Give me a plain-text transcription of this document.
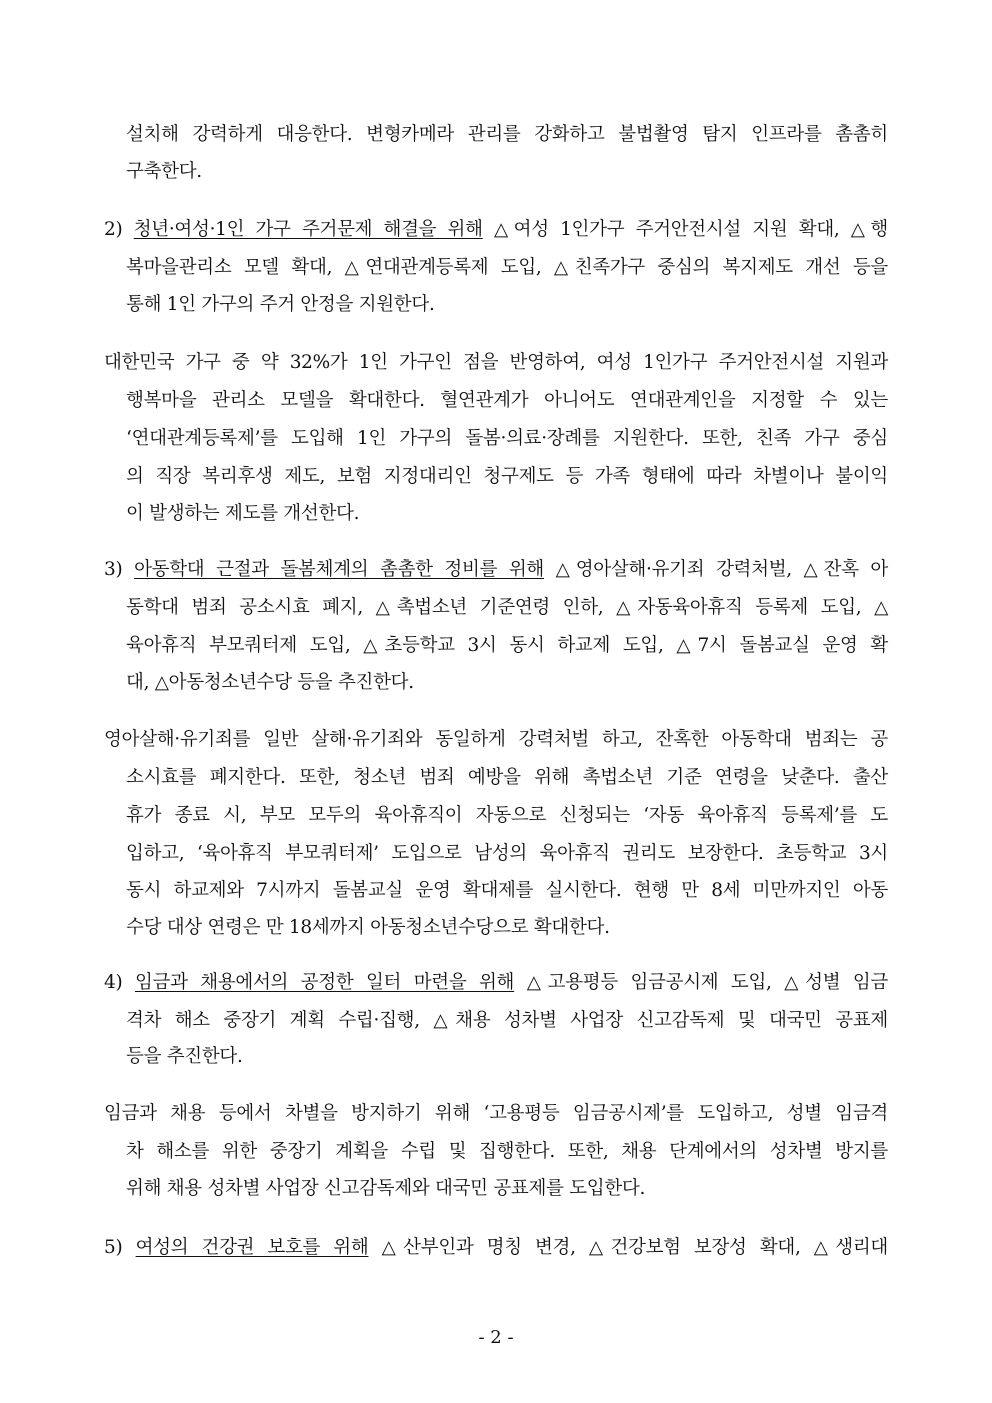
설치해 강력하게 대응한다. 변형카메라 관리를 강화하고 불법촬영 탐지 인프라를 촘촘히
구축한다.
2) 청년·여성·1인 가구 주거문제 해결을 위해 △여성 1인가구 주거안전시설 지원 확대, △행
복마을관리소 모델 확대, △연대관계등록제 도입, △친족가구 중심의 복지제도 개선 등을
통해 1인 가구의 주거 안정을 지원한다.
대한민국 가구 중 약 32%가 1인 가구인 점을 반영하여, 여성 1인가구 주거안전시설 지원과
행복마을 관리소 모델을 확대한다. 혈연관계가 아니어도 연대관계인을 지정할 수 있는
‘연대관계등록제’를 도입해 1인 가구의 돌봄·의료·장례를 지원한다. 또한, 친족 가구 중심
의 직장 복리후생 제도, 보험 지정대리인 청구제도 등 가족 형태에 따라 차별이나 불이익
이 발생하는 제도를 개선한다.
3) 아동학대 근절과 돌봄체계의 촘촘한 정비를 위해 △영아살해·유기죄 강력처벌, △잔혹 아
동학대 범죄 공소시효 폐지, △촉법소년 기준연령 인하, △자동육아휴직 등록제 도입, △
육아휴직 부모쿼터제 도입, △초등학교 3시 동시 하교제 도입, △7시 돌봄교실 운영 확
대, △아동청소년수당 등을 추진한다.
영아살해·유기죄를 일반 살해·유기죄와 동일하게 강력처벌 하고, 잔혹한 아동학대 범죄는 공
소시효를 폐지한다. 또한, 청소년 범죄 예방을 위해 촉법소년 기준 연령을 낮춘다. 출산
휴가 종료 시, 부모 모두의 육아휴직이 자동으로 신청되는 ‘자동 육아휴직 등록제’를 도
입하고, ‘육아휴직 부모쿼터제’ 도입으로 남성의 육아휴직 권리도 보장한다. 초등학교 3시
동시 하교제와 7시까지 돌봄교실 운영 확대제를 실시한다. 현행 만 8세 미만까지인 아동
수당 대상 연령은 만 18세까지 아동청소년수당으로 확대한다.
4) 임금과 채용에서의 공정한 일터 마련을 위해 △고용평등 임금공시제 도입, △성별 임금
격차 해소 중장기 계획 수립·집행, △채용 성차별 사업장 신고감독제 및 대국민 공표제
등을 추진한다.
임금과 채용 등에서 차별을 방지하기 위해 ‘고용평등 임금공시제’를 도입하고, 성별 임금격
차 해소를 위한 중장기 계획을 수립 및 집행한다. 또한, 채용 단계에서의 성차별 방지를
위해 채용 성차별 사업장 신고감독제와 대국민 공표제를 도입한다.
5) 여성의 건강권 보호를 위해 △산부인과 명칭 변경, △건강보험 보장성 확대, △생리대
- 2 -
